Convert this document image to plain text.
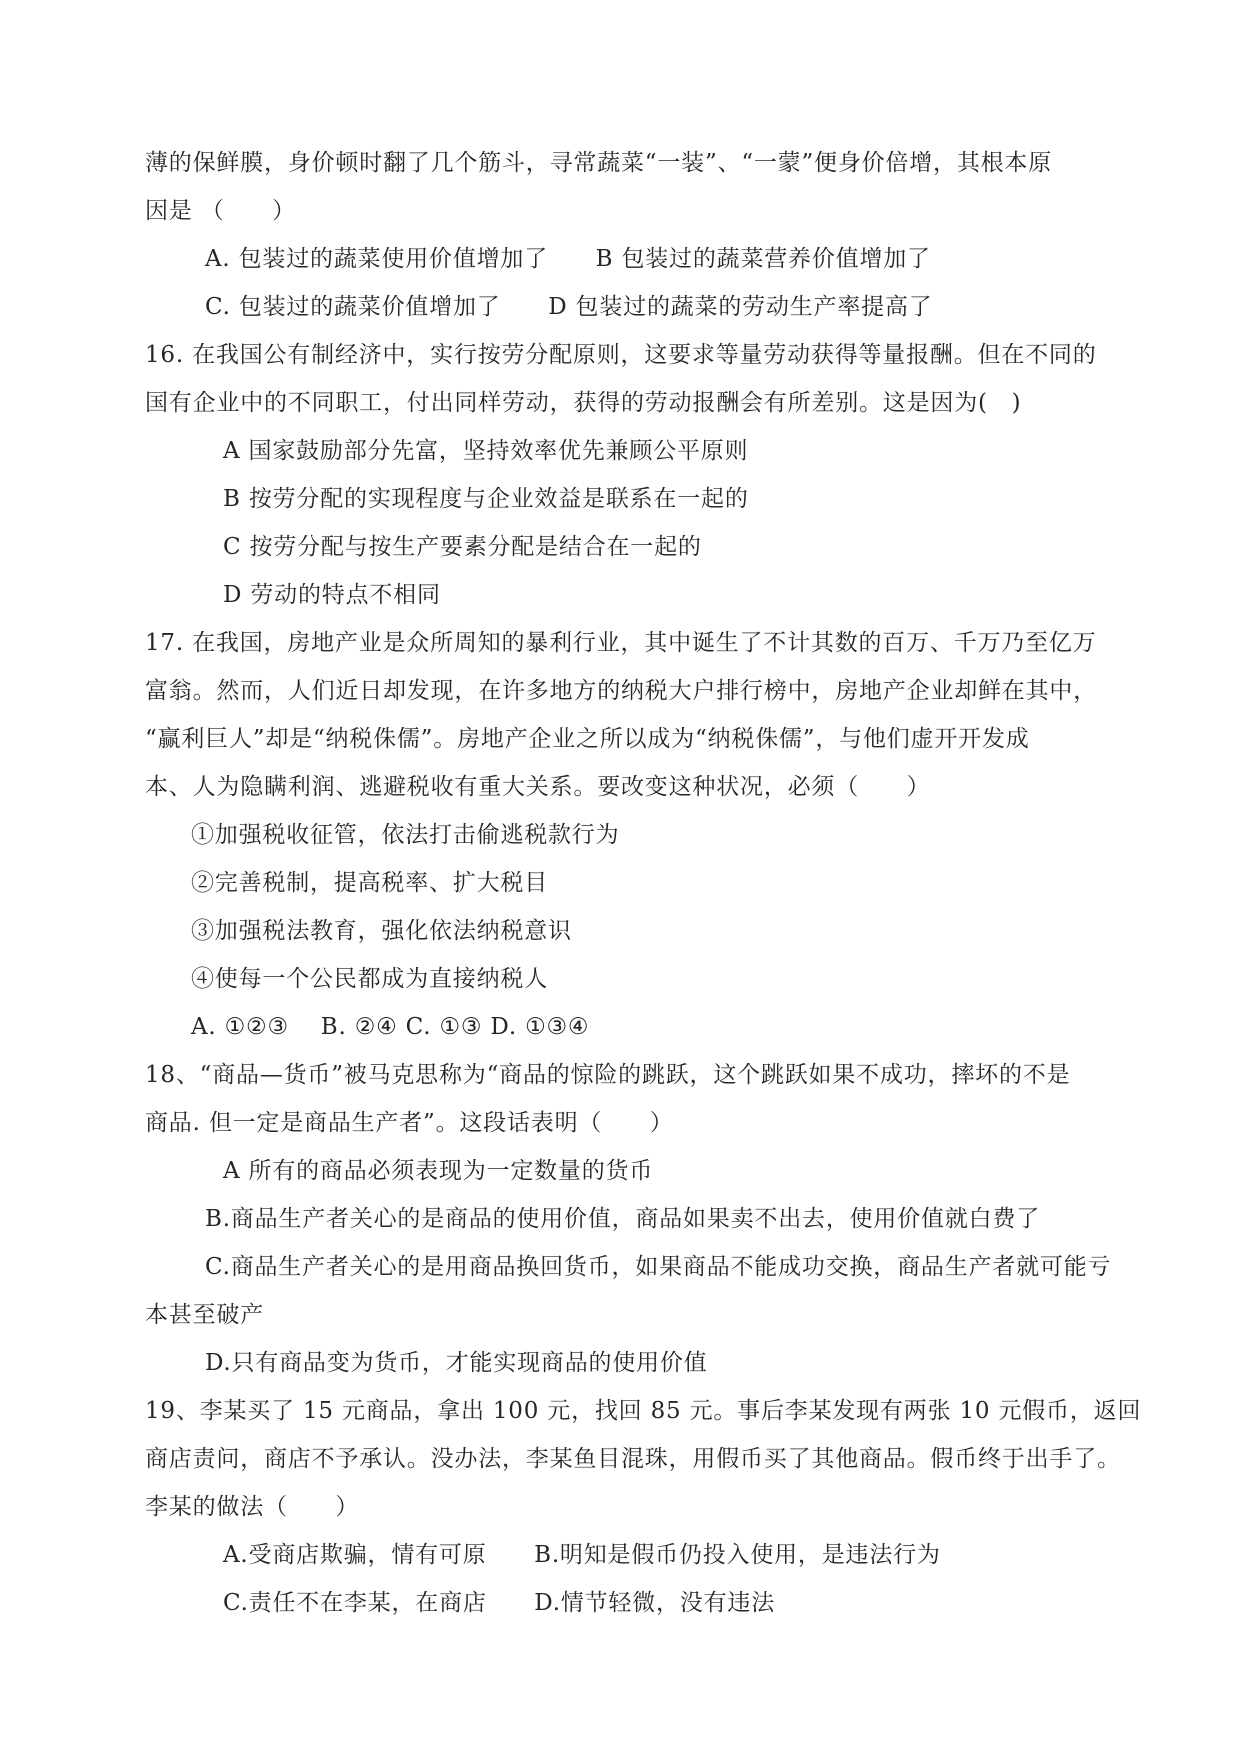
薄的保鲜膜，身价顿时翻了几个筋斗，寻常蔬菜“一装”、“一蒙”便身价倍增，其根本原
因是 （　　）
A. 包装过的蔬菜使用价值增加了　　B 包装过的蔬菜营养价值增加了
C. 包装过的蔬菜价值增加了　　D 包装过的蔬菜的劳动生产率提高了
16. 在我国公有制经济中，实行按劳分配原则，这要求等量劳动获得等量报酬。但在不同的
国有企业中的不同职工，付出同样劳动，获得的劳动报酬会有所差别。这是因为(　)
A 国家鼓励部分先富，坚持效率优先兼顾公平原则
B 按劳分配的实现程度与企业效益是联系在一起的
C 按劳分配与按生产要素分配是结合在一起的
D 劳动的特点不相同
17. 在我国，房地产业是众所周知的暴利行业，其中诞生了不计其数的百万、千万乃至亿万
富翁。然而，人们近日却发现，在许多地方的纳税大户排行榜中，房地产企业却鲜在其中，
“赢利巨人”却是“纳税侏儒”。房地产企业之所以成为“纳税侏儒”，与他们虚开开发成
本、人为隐瞒利润、逃避税收有重大关系。要改变这种状况，必须（　　）
①加强税收征管，依法打击偷逃税款行为
②完善税制，提高税率、扩大税目
③加强税法教育，强化依法纳税意识
④使每一个公民都成为直接纳税人
A. ①②③　 B. ②④ C. ①③ D. ①③④
18、“商品—货币”被马克思称为“商品的惊险的跳跃，这个跳跃如果不成功，摔坏的不是
商品. 但一定是商品生产者”。这段话表明（　　）
A 所有的商品必须表现为一定数量的货币
B.商品生产者关心的是商品的使用价值，商品如果卖不出去，使用价值就白费了
C.商品生产者关心的是用商品换回货币，如果商品不能成功交换，商品生产者就可能亏
本甚至破产
D.只有商品变为货币，才能实现商品的使用价值
19、李某买了 15 元商品，拿出 100 元，找回 85 元。事后李某发现有两张 10 元假币，返回
商店责问，商店不予承认。没办法，李某鱼目混珠，用假币买了其他商品。假币终于出手了。
李某的做法（　　）
A.受商店欺骗，情有可原　　B.明知是假币仍投入使用，是违法行为
C.责任不在李某，在商店　　D.情节轻微，没有违法
